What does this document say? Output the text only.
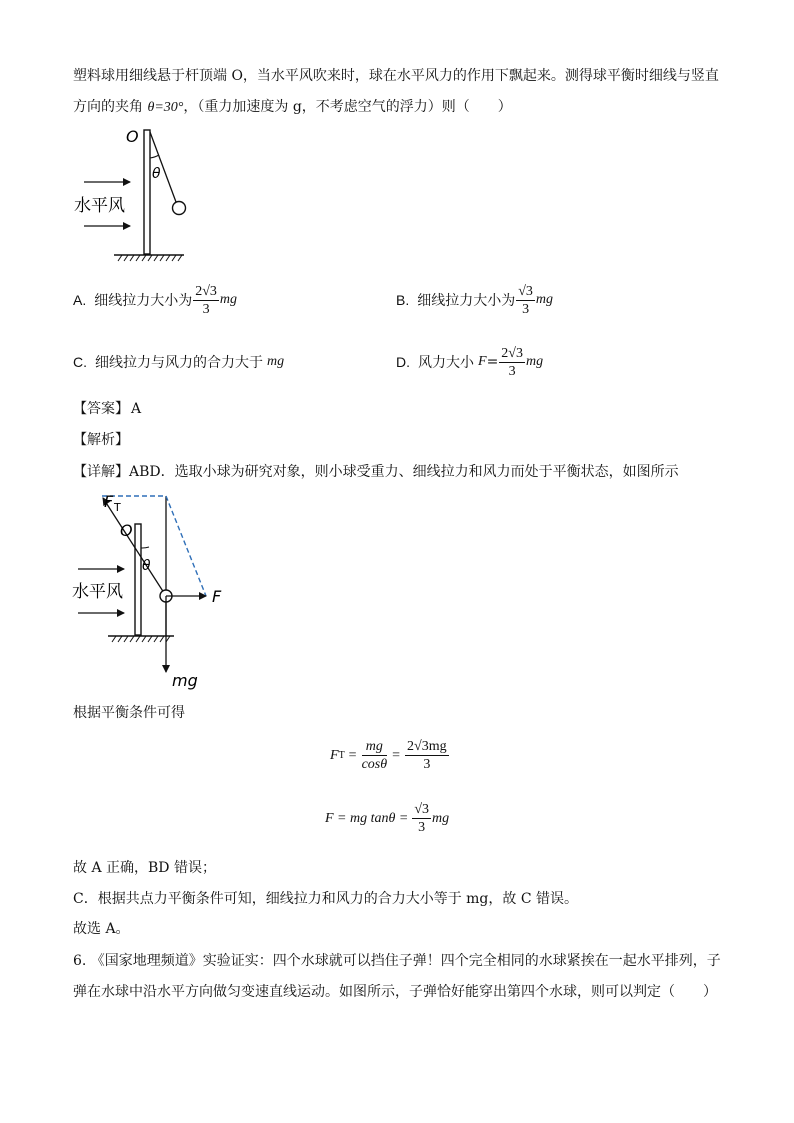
塑料球用细线悬于杆顶端 O，当水平风吹来时，球在水平风力的作用下飘起来。测得球平衡时细线与竖直
方向的夹角 θ=30°，（重力加速度为 g，不考虑空气的浮力）则（　　）
O
θ
水平风
A. 细线拉力大小为 $\frac{2√3}{3}$ mg	B. 细线拉力大小为 $\frac{√3}{3}$ mg
C. 细线拉力与风力的合力大于 mg	D. 风力大小 $F = \frac{2√3}{3}$ mg
【答案】 A
【解析】
【详解】ABD．选取小球为研究对象，则小球受重力、细线拉力和风力而处于平衡状态，如图所示
F T
O
θ
F
mg
水平风
根据平衡条件可得
F $T = \frac{mg}{\cos\theta} = \frac{2√3mg}{3}$
F = mg $\tan\theta = \frac{√3}{3}$ mg
故 A 正确，BD 错误；
C．根据共点力平衡条件可知，细线拉力和风力的合力大小等于 mg，故 C 错误。
故选 A。
6. 《国家地理频道》实验证实：四个水球就可以挡住子弹！四个完全相同的水球紧挨在一起水平排列，子
弹在水球中沿水平方向做匀变速直线运动。如图所示，子弹恰好能穿出第四个水球，则可以判定（　　）
